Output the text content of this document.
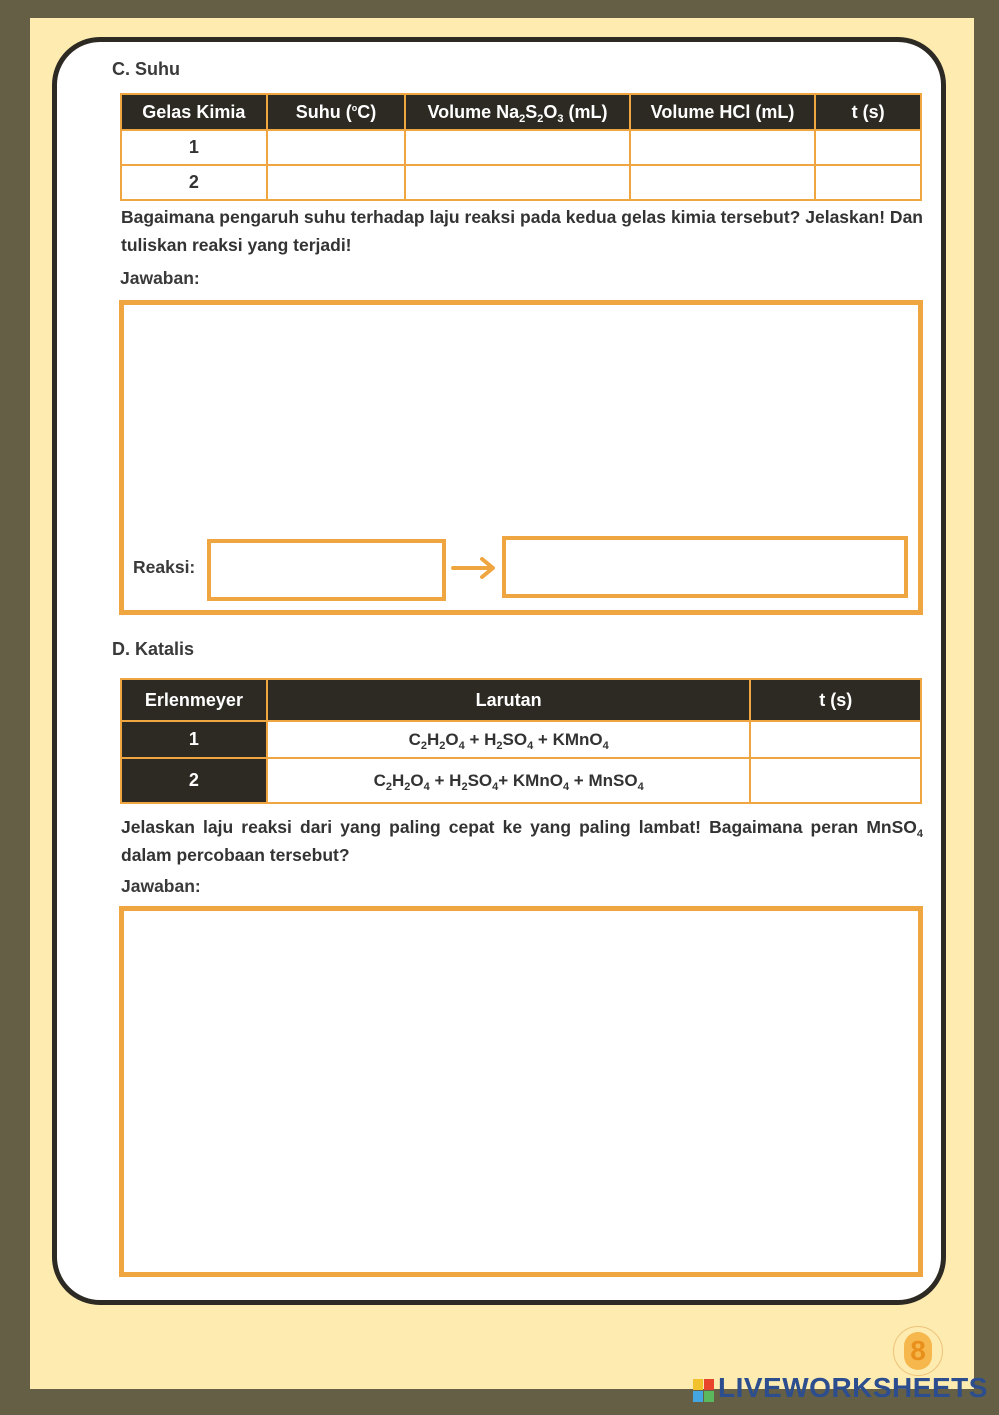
C. Suhu
Gelas Kimia	Suhu ($^o$C)	Volume $Na_2S_2O_3$ (mL)	Volume HCl (mL)	t (s)
1				
2				
Bagaimana pengaruh suhu terhadap laju reaksi pada kedua gelas kimia tersebut? Jelaskan! Dan tuliskan reaksi yang terjadi!
Jawaban:
Reaksi:
D. Katalis
Erlenmeyer	Larutan	t (s)
1	$C_2H_2O_4 + H_2SO_4$ + KMnO$_4$	
2	$C_2H_2O_4 + H_2SO_4+$ KMnO$_4$ + MnSO$_4$	
Jelaskan laju reaksi dari yang paling cepat ke yang paling lambat! Bagaimana peran MnSO$_4$ dalam percobaan tersebut?
Jawaban:
8
LIVEWORKSHEETS
